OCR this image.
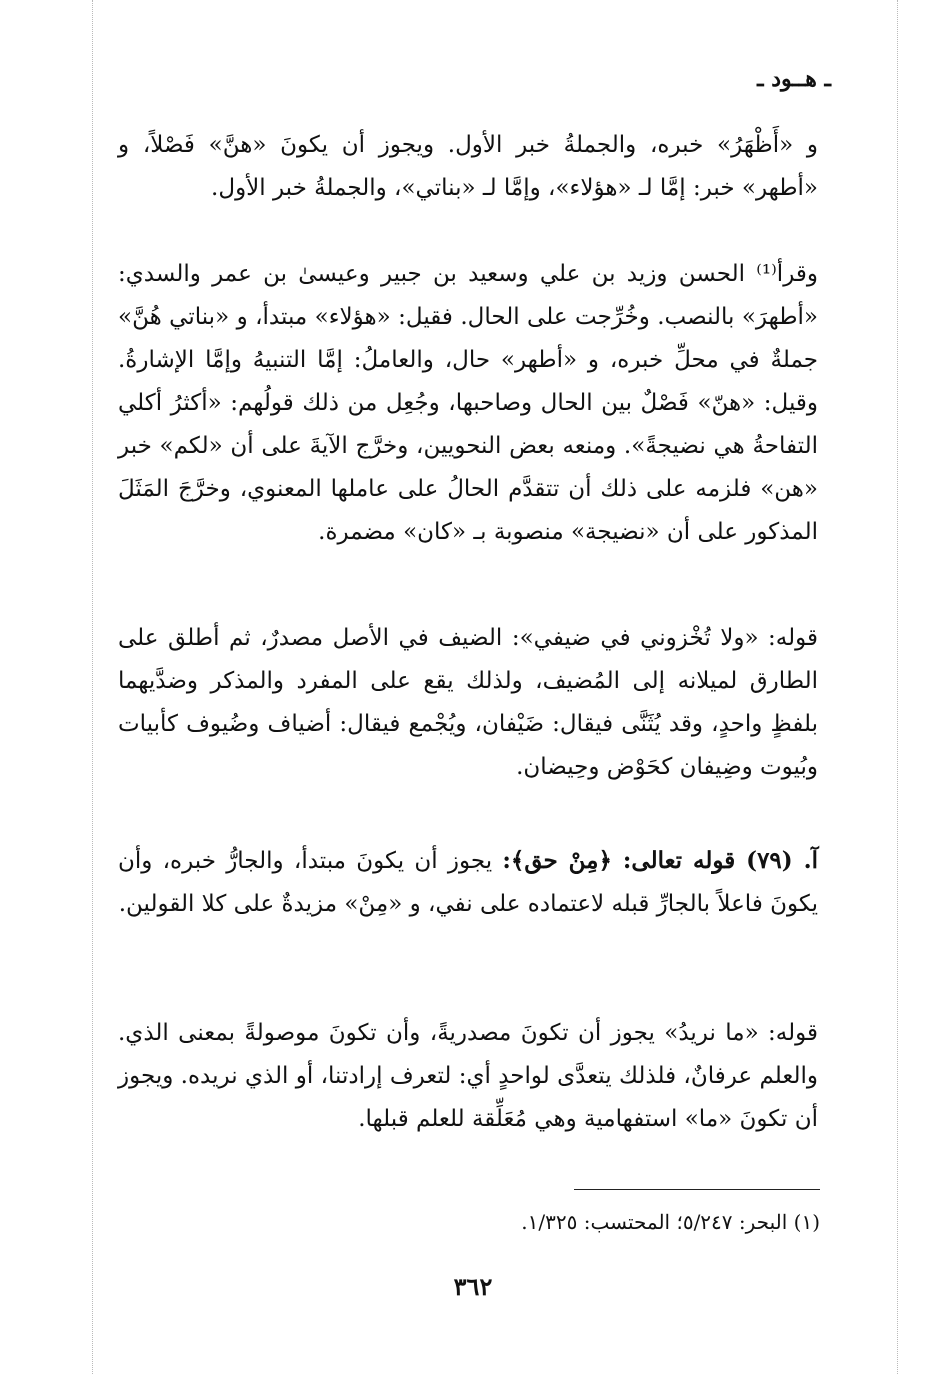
ـ هــود ـ

و «أَظْهَرُ» خبره، والجملةُ خبر الأول. ويجوز أن يكونَ «هنَّ» فَصْلاً، و «أطهر» خبر: إمَّا لـ «هؤلاء»، وإمَّا لـ «بناتي»، والجملةُ خبر الأول.

وقرأ⁽¹⁾ الحسن وزيد بن علي وسعيد بن جبير وعيسىٰ بن عمر والسدي: «أطهرَ» بالنصب. وخُرِّجت على الحال. فقيل: «هؤلاء» مبتدأ، و «بناتي هُنَّ» جملةٌ في محلِّ خبره، و «أطهر» حال، والعاملُ: إمَّا التنبيهُ وإمَّا الإشارةُ. وقيل: «هنّ» فَصْلٌ بين الحال وصاحبها، وجُعِل من ذلك قولُهم: «أكثرُ أكلي التفاحةُ هي نضيجةً». ومنعه بعض النحويين، وخرَّج الآيةَ على أن «لكم» خبر «هن» فلزمه على ذلك أن تتقدَّم الحالُ على عاملها المعنوي، وخرَّجَ المَثَلَ المذكور على أن «نضيجة» منصوبة بـ «كان» مضمرة.

قوله: «ولا تُخْزوني في ضيفي»: الضيف في الأصل مصدرٌ، ثم أطلق على الطارق لميلانه إلى المُضيف، ولذلك يقع على المفرد والمذكر وضدَّيهما بلفظٍ واحدٍ، وقد يُثَنَّى فيقال: ضَيْفان، ويُجْمع فيقال: أضياف وضُيوف كأبيات وبُيوت وضِيفان كحَوْض وحِيضان.

آ. (٧٩) قوله تعالى: ﴿مِنْ حق﴾: يجوز أن يكونَ مبتدأ، والجارُّ خبره، وأن يكونَ فاعلاً بالجارِّ قبله لاعتماده على نفي، و «مِنْ» مزيدةٌ على كلا القولين.

قوله: «ما نريدُ» يجوز أن تكونَ مصدريةً، وأن تكونَ موصولةً بمعنى الذي. والعلم عرفانٌ، فلذلك يتعدَّى لواحدٍ أي: لتعرف إرادتنا، أو الذي نريده. ويجوز أن تكونَ «ما» استفهامية وهي مُعَلِّقة للعلم قبلها.

(١) البحر: ٥/٢٤٧؛ المحتسب: ١/٣٢٥.
٣٦٢
